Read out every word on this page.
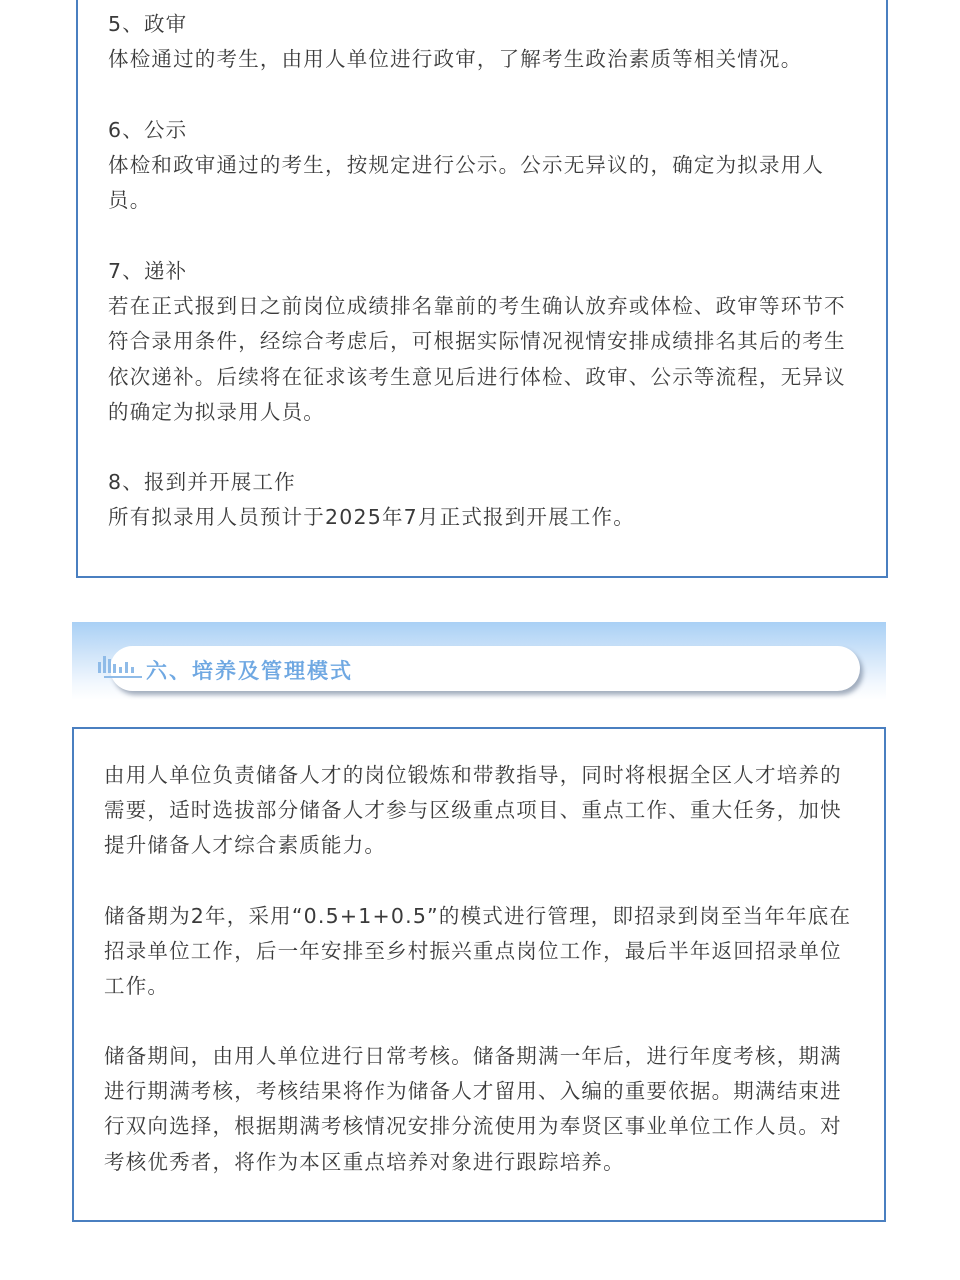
5、政审
体检通过的考生，由用人单位进行政审，了解考生政治素质等相关情况。
6、公示
体检和政审通过的考生，按规定进行公示。公示无异议的，确定为拟录用人
员。
7、递补
若在正式报到日之前岗位成绩排名靠前的考生确认放弃或体检、政审等环节不
符合录用条件，经综合考虑后，可根据实际情况视情安排成绩排名其后的考生
依次递补。后续将在征求该考生意见后进行体检、政审、公示等流程，无异议
的确定为拟录用人员。
8、报到并开展工作
所有拟录用人员预计于2025年7月正式报到开展工作。
六、培养及管理模式
由用人单位负责储备人才的岗位锻炼和带教指导，同时将根据全区人才培养的
需要，适时选拔部分储备人才参与区级重点项目、重点工作、重大任务，加快
提升储备人才综合素质能力。
储备期为2年，采用“0.5+1+0.5”的模式进行管理，即招录到岗至当年年底在
招录单位工作，后一年安排至乡村振兴重点岗位工作，最后半年返回招录单位
工作。
储备期间，由用人单位进行日常考核。储备期满一年后，进行年度考核，期满
进行期满考核，考核结果将作为储备人才留用、入编的重要依据。期满结束进
行双向选择，根据期满考核情况安排分流使用为奉贤区事业单位工作人员。对
考核优秀者，将作为本区重点培养对象进行跟踪培养。
